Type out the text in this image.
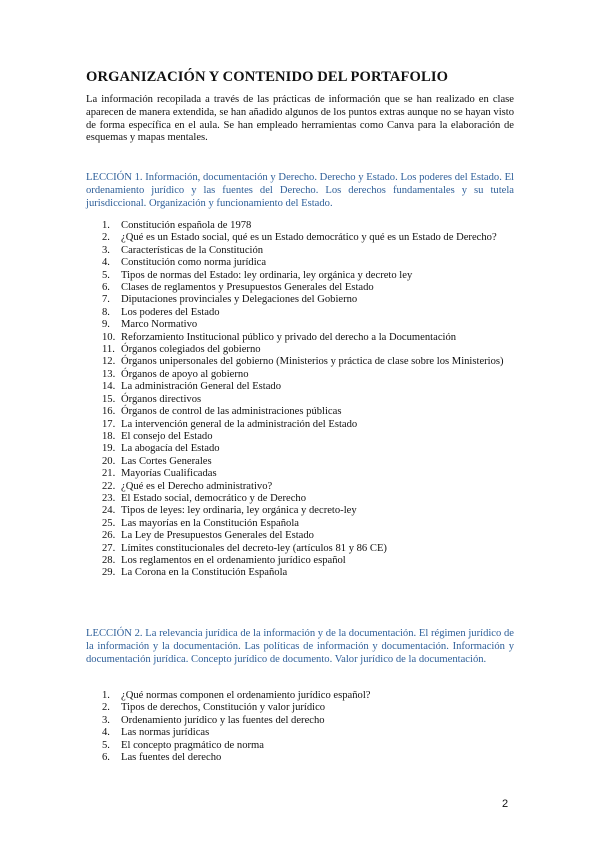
ORGANIZACIÓN Y CONTENIDO DEL PORTAFOLIO
La información recopilada a través de las prácticas de información que se han realizado en clase aparecen de manera extendida, se han añadido algunos de los puntos extras aunque no se hayan visto de forma específica en el aula. Se han empleado herramientas como Canva para la elaboración de esquemas y mapas mentales.
LECCIÓN 1. Información, documentación y Derecho. Derecho y Estado. Los poderes del Estado. El ordenamiento jurídico y las fuentes del Derecho. Los derechos fundamentales y su tutela jurisdiccional. Organización y funcionamiento del Estado.
1. Constitución española de 1978
2. ¿Qué es un Estado social, qué es un Estado democrático y qué es un Estado de Derecho?
3. Características de la Constitución
4. Constitución como norma jurídica
5. Tipos de normas del Estado: ley ordinaria, ley orgánica y decreto ley
6. Clases de reglamentos y Presupuestos Generales del Estado
7. Diputaciones provinciales y Delegaciones del Gobierno
8. Los poderes del Estado
9. Marco Normativo
10. Reforzamiento Institucional público y privado del derecho a la Documentación
11. Órganos colegiados del gobierno
12. Órganos unipersonales del gobierno (Ministerios y práctica de clase sobre los Ministerios)
13. Órganos de apoyo al gobierno
14. La administración General del Estado
15. Órganos directivos
16. Órganos de control de las administraciones públicas
17. La intervención general de la administración del Estado
18. El consejo del Estado
19. La abogacía del Estado
20. Las Cortes Generales
21. Mayorías Cualificadas
22. ¿Qué es el Derecho administrativo?
23. El Estado social, democrático y de Derecho
24. Tipos de leyes: ley ordinaria, ley orgánica y decreto-ley
25. Las mayorías en la Constitución Española
26. La Ley de Presupuestos Generales del Estado
27. Límites constitucionales del decreto-ley (artículos 81 y 86 CE)
28. Los reglamentos en el ordenamiento jurídico español
29. La Corona en la Constitución Española
LECCIÓN 2. La relevancia jurídica de la información y de la documentación. El régimen jurídico de la información y la documentación. Las políticas de información y documentación. Información y documentación jurídica. Concepto jurídico de documento. Valor jurídico de la documentación.
1. ¿Qué normas componen el ordenamiento jurídico español?
2. Tipos de derechos, Constitución y valor jurídico
3. Ordenamiento jurídico y las fuentes del derecho
4. Las normas jurídicas
5. El concepto pragmático de norma
6. Las fuentes del derecho
2
